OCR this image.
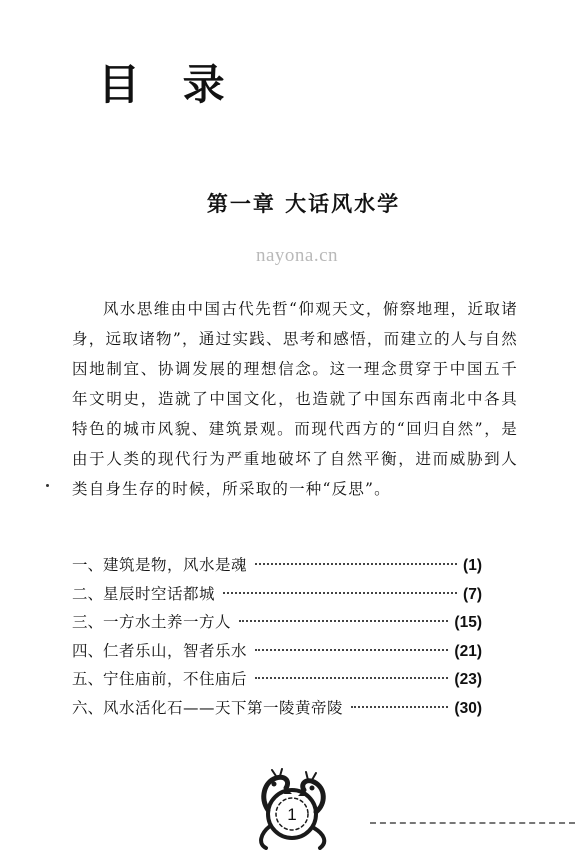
目 录
第一章 大话风水学
nayona.cn

风水思维由中国古代先哲“仰观天文，俯察地理，近取诸身，远取诸物”，通过实践、思考和感悟，而建立的人与自然因地制宜、协调发展的理想信念。这一理念贯穿于中国五千年文明史，造就了中国文化，也造就了中国东西南北中各具特色的城市风貌、建筑景观。而现代西方的“回归自然”，是由于人类的现代行为严重地破坏了自然平衡，进而威胁到人类自身生存的时候，所采取的一种“反思”。

一、 建筑是物，风水是魂	(1)
二、 星辰时空话都城	(7)
三、 一方水土养一方人	(15)
四、 仁者乐山，智者乐水	(21)
五、 宁住庙前，不住庙后	(23)
六、 风水活化石——天下第一陵黄帝陵	(30)
1
